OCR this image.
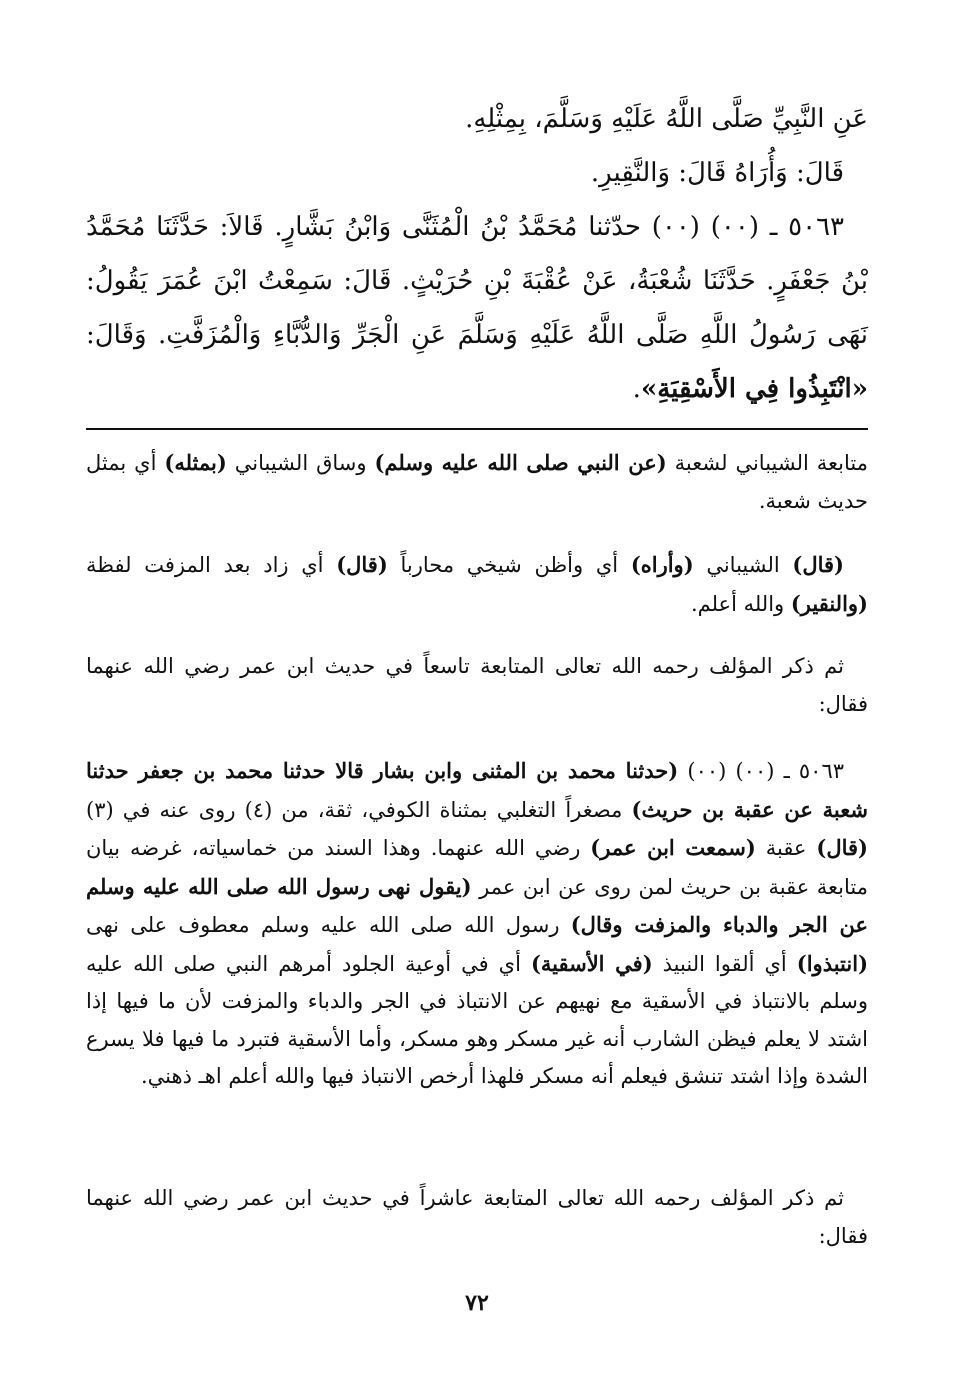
عَنِ النَّبِيِّ صَلَّى اللَّهُ عَلَيْهِ وَسَلَّمَ، بِمِثْلِهِ.

قَالَ: وَأُرَاهُ قَالَ: وَالنَّقِيرِ.

٥٠٦٣ ـ (٠٠) (٠٠) حدّثنا مُحَمَّدُ بْنُ الْمُثَنَّى وَابْنُ بَشَّارٍ. قَالاَ: حَدَّثَنَا مُحَمَّدُ بْنُ جَعْفَرٍ. حَدَّثَنَا شُعْبَةُ، عَنْ عُقْبَةَ بْنِ حُرَيْثٍ. قَالَ: سَمِعْتُ ابْنَ عُمَرَ يَقُولُ: نَهَى رَسُولُ اللَّهِ صَلَّى اللَّهُ عَلَيْهِ وَسَلَّمَ عَنِ الْجَرِّ وَالدُّبَّاءِ وَالْمُزَفَّتِ. وَقَالَ: «انْتَبِذُوا فِي الأَسْقِيَةِ».

متابعة الشيباني لشعبة (عن النبي صلى الله عليه وسلم) وساق الشيباني (بمثله) أي بمثل حديث شعبة.

(قال) الشيباني (وأراه) أي وأظن شيخي محارباً (قال) أي زاد بعد المزفت لفظة (والنقير) والله أعلم.

ثم ذكر المؤلف رحمه الله تعالى المتابعة تاسعاً في حديث ابن عمر رضي الله عنهما فقال:

٥٠٦٣ ـ (٠٠) (٠٠) (حدثنا محمد بن المثنى وابن بشار قالا حدثنا محمد بن جعفر حدثنا شعبة عن عقبة بن حريث) مصغراً التغلبي بمثناة الكوفي، ثقة، من (٤) روى عنه في (٣) (قال) عقبة (سمعت ابن عمر) رضي الله عنهما. وهذا السند من خماسياته، غرضه بيان متابعة عقبة بن حريث لمن روى عن ابن عمر (يقول نهى رسول الله صلى الله عليه وسلم عن الجر والدباء والمزفت وقال) رسول الله صلى الله عليه وسلم معطوف على نهى (انتبذوا) أي ألقوا النبيذ (في الأسقية) أي في أوعية الجلود أمرهم النبي صلى الله عليه وسلم بالانتباذ في الأسقية مع نهيهم عن الانتباذ في الجر والدباء والمزفت لأن ما فيها إذا اشتد لا يعلم فيظن الشارب أنه غير مسكر وهو مسكر، وأما الأسقية فتبرد ما فيها فلا يسرع الشدة وإذا اشتد تنشق فيعلم أنه مسكر فلهذا أرخص الانتباذ فيها والله أعلم اهـ ذهني.

ثم ذكر المؤلف رحمه الله تعالى المتابعة عاشراً في حديث ابن عمر رضي الله عنهما فقال:

٧٢
